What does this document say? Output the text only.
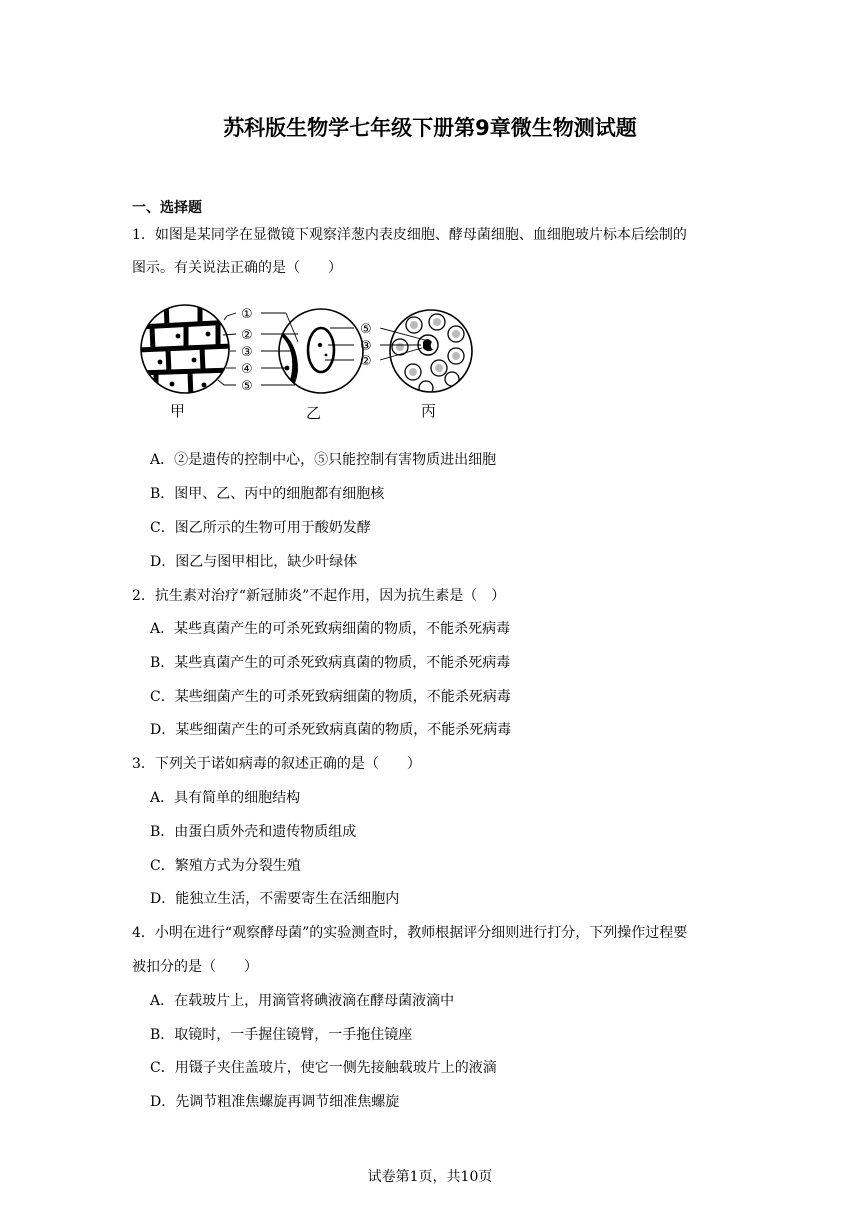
苏科版生物学七年级下册第9章微生物测试题
一、选择题
1．如图是某同学在显微镜下观察洋葱内表皮细胞、酵母菌细胞、血细胞玻片标本后绘制的
图示。有关说法正确的是（　　）
①
②
③
④
⑤
⑤
③
②
甲	乙	丙
A．②是遗传的控制中心，⑤只能控制有害物质进出细胞
B．图甲、乙、丙中的细胞都有细胞核
C．图乙所示的生物可用于酸奶发酵
D．图乙与图甲相比，缺少叶绿体
2．抗生素对治疗“新冠肺炎”不起作用，因为抗生素是（　）
A．某些真菌产生的可杀死致病细菌的物质，不能杀死病毒
B．某些真菌产生的可杀死致病真菌的物质，不能杀死病毒
C．某些细菌产生的可杀死致病细菌的物质，不能杀死病毒
D．某些细菌产生的可杀死致病真菌的物质，不能杀死病毒
3．下列关于诺如病毒的叙述正确的是（　　）
A．具有简单的细胞结构
B．由蛋白质外壳和遗传物质组成
C．繁殖方式为分裂生殖
D．能独立生活，不需要寄生在活细胞内
4．小明在进行“观察酵母菌”的实验测查时，教师根据评分细则进行打分，下列操作过程要
被扣分的是（　　）
A．在载玻片上，用滴管将碘液滴在酵母菌液滴中
B．取镜时，一手握住镜臂，一手拖住镜座
C．用镊子夹住盖玻片，使它一侧先接触载玻片上的液滴
D．先调节粗准焦螺旋再调节细准焦螺旋
试卷第1页，共10页
